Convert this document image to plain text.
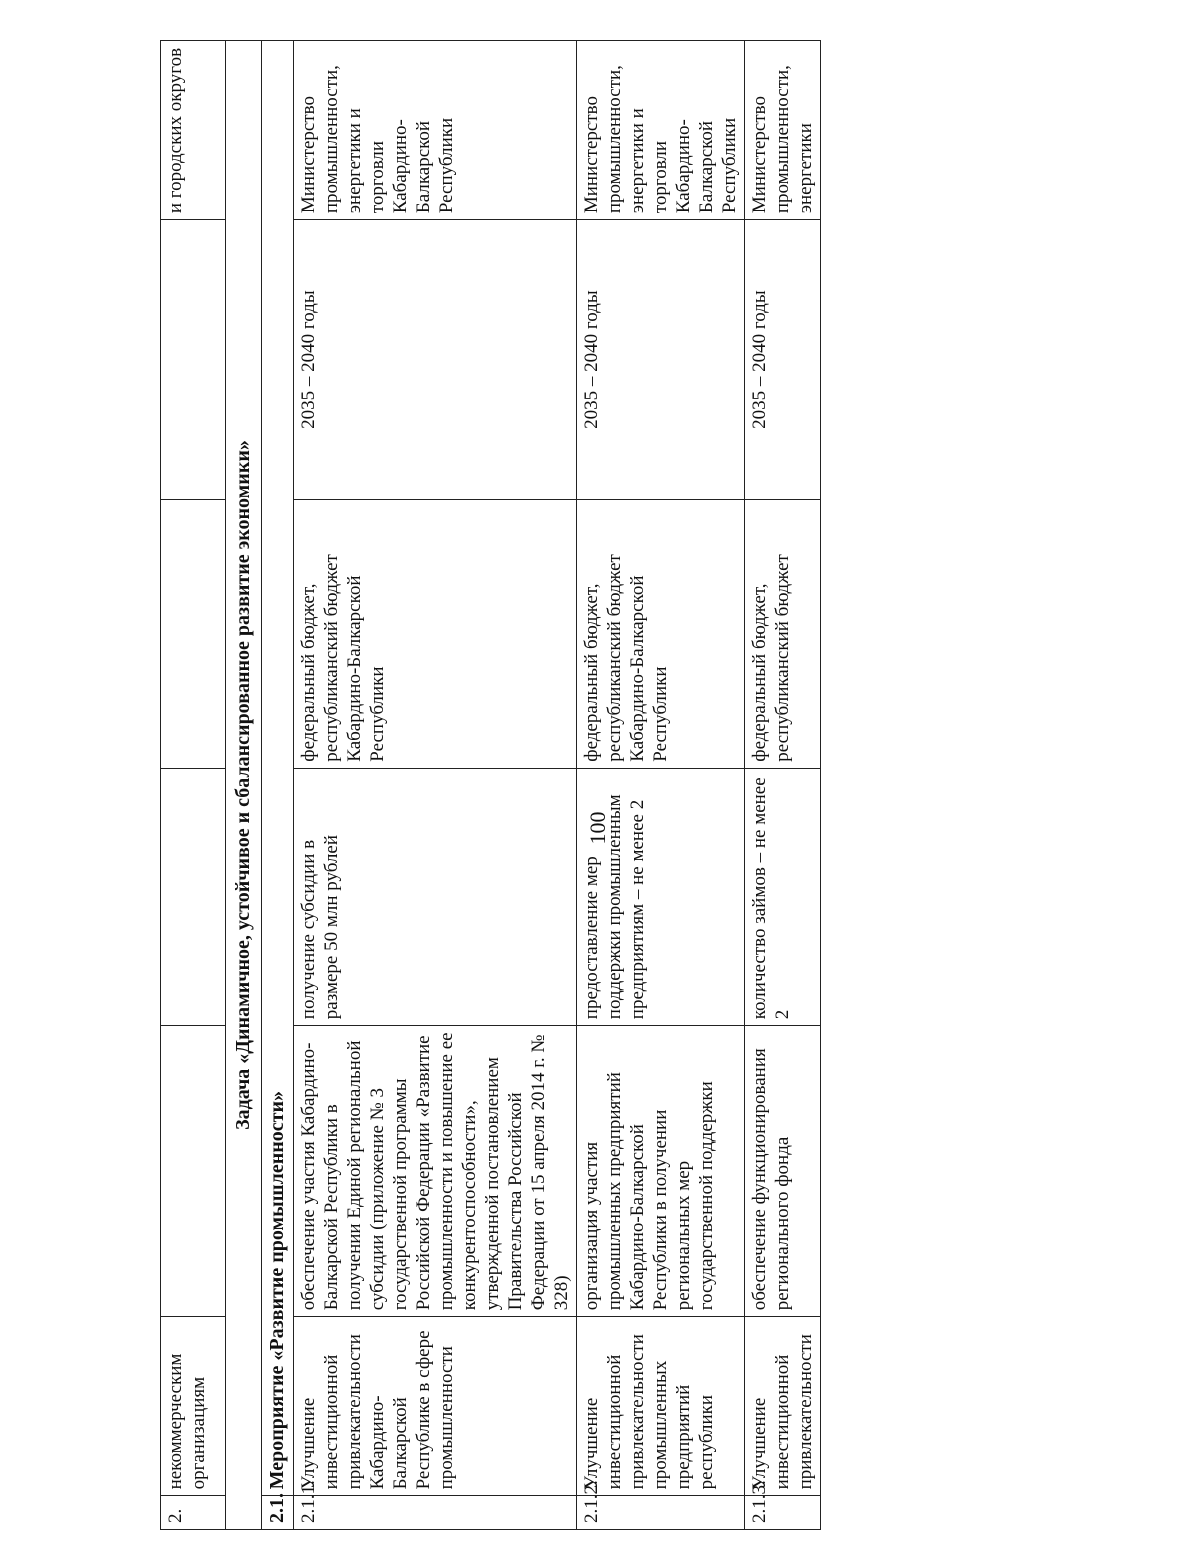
100
2.	некоммерческим организациям					и городских округов
Задача «Динамичное, устойчивое и сбалансированное развитие экономики»						
2.1.	Мероприятие «Развитие промышленности»					
2.1.1.	Улучшение инвестиционной привлекательности Кабардино-Балкарской Республике в сфере промышленности	обеспечение участия Кабардино-Балкарской Республики в получении Единой региональной субсидии (приложение № 3 государственной программы Российской Федерации «Развитие промышленности и повышение ее конкурентоспособности», утвержденной постановлением Правительства Российской Федерации от 15 апреля 2014 г. № 328)	получение субсидии в размере 50 млн рублей	федеральный бюджет, республиканский бюджет Кабардино-Балкарской Республики	2035 – 2040 годы	Министерство промышленности, энергетики и торговли Кабардино-Балкарской Республики
2.1.2.	Улучшение инвестиционной привлекательности промышленных предприятий республики	организация участия промышленных предприятий Кабардино-Балкарской Республики в получении региональных мер государственной поддержки	предоставление мер поддержки промышленным предприятиям – не менее 2	федеральный бюджет, республиканский бюджет Кабардино-Балкарской Республики	2035 – 2040 годы	Министерство промышленности, энергетики и торговли Кабардино-Балкарской Республики
2.1.3.	Улучшение инвестиционной привлекательности	обеспечение функционирования регионального фонда	количество займов – не менее 2	федеральный бюджет, республиканский бюджет	2035 – 2040 годы	Министерство промышленности, энергетики
